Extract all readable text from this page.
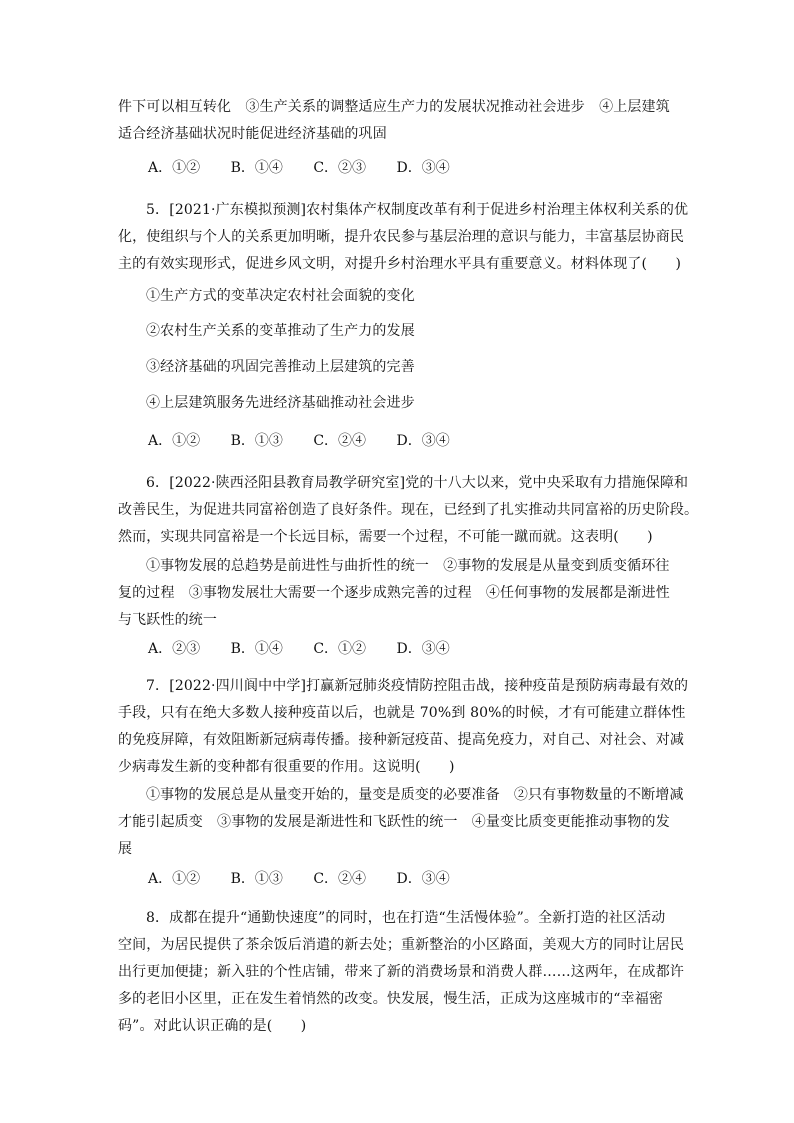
件下可以相互转化　③生产关系的调整适应生产力的发展状况推动社会进步　④上层建筑
适合经济基础状况时能促进经济基础的巩固
A．①② B．①④ C．②③ D．③④
5．[2021·广东模拟预测]农村集体产权制度改革有利于促进乡村治理主体权利关系的优
化，使组织与个人的关系更加明晰，提升农民参与基层治理的意识与能力，丰富基层协商民
主的有效实现形式，促进乡风文明，对提升乡村治理水平具有重要意义。材料体现了(　　)
①生产方式的变革决定农村社会面貌的变化
②农村生产关系的变革推动了生产力的发展
③经济基础的巩固完善推动上层建筑的完善
④上层建筑服务先进经济基础推动社会进步
A．①② B．①③ C．②④ D．③④
6．[2022·陕西泾阳县教育局教学研究室]党的十八大以来，党中央采取有力措施保障和
改善民生，为促进共同富裕创造了良好条件。现在，已经到了扎实推动共同富裕的历史阶段。
然而，实现共同富裕是一个长远目标，需要一个过程，不可能一蹴而就。这表明(　　)
①事物发展的总趋势是前进性与曲折性的统一　②事物的发展是从量变到质变循环往
复的过程　③事物发展壮大需要一个逐步成熟完善的过程　④任何事物的发展都是渐进性
与飞跃性的统一
A．②③ B．①④ C．①② D．③④
7．[2022·四川阆中中学]打赢新冠肺炎疫情防控阻击战，接种疫苗是预防病毒最有效的
手段，只有在绝大多数人接种疫苗以后，也就是 70%到 80%的时候，才有可能建立群体性
的免疫屏障，有效阻断新冠病毒传播。接种新冠疫苗、提高免疫力，对自己、对社会、对减
少病毒发生新的变种都有很重要的作用。这说明(　　)
①事物的发展总是从量变开始的，量变是质变的必要准备　②只有事物数量的不断增减
才能引起质变　③事物的发展是渐进性和飞跃性的统一　④量变比质变更能推动事物的发
展
A．①② B．①③ C．②④ D．③④
8．成都在提升“通勤快速度”的同时，也在打造“生活慢体验”。全新打造的社区活动
空间，为居民提供了茶余饭后消遣的新去处；重新整治的小区路面，美观大方的同时让居民
出行更加便捷；新入驻的个性店铺，带来了新的消费场景和消费人群……这两年，在成都许
多的老旧小区里，正在发生着悄然的改变。快发展，慢生活，正成为这座城市的“幸福密
码”。对此认识正确的是(　　)
